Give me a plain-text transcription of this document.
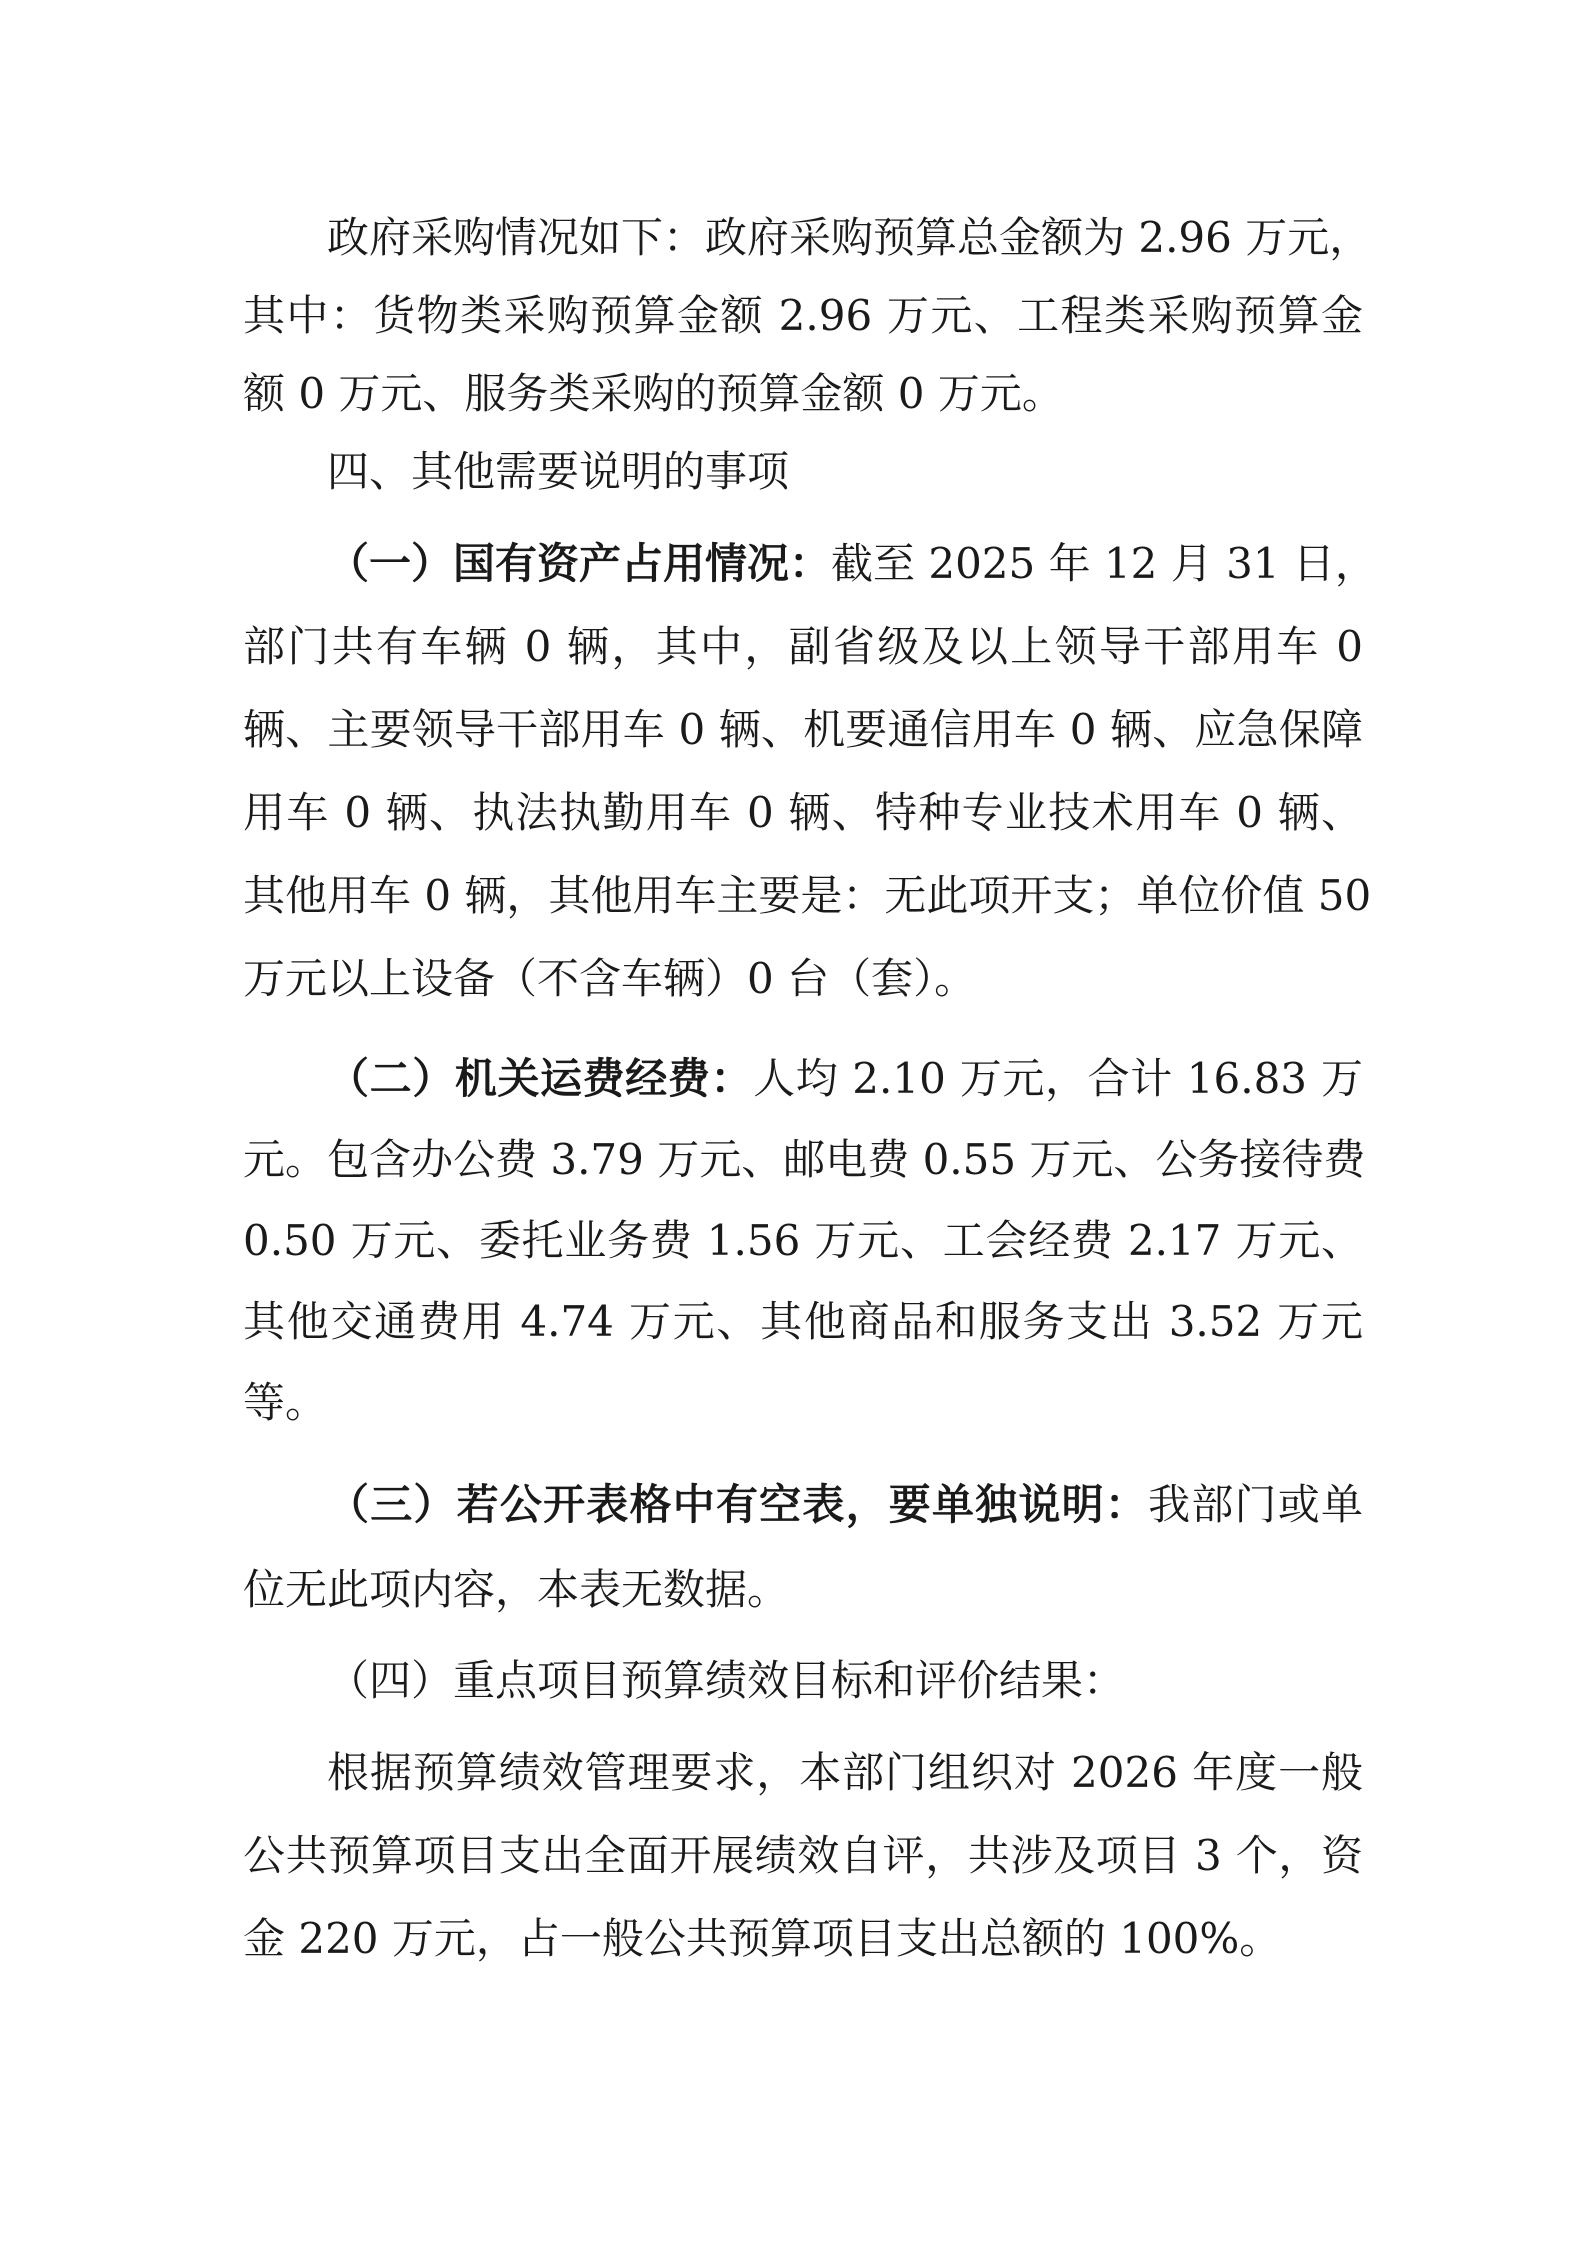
政府采购情况如下：政府采购预算总金额为 2.96 万元，
其中：货物类采购预算金额 2.96 万元、工程类采购预算金
额 0 万元、服务类采购的预算金额 0 万元。
四、其他需要说明的事项
（一）国有资产占用情况：截至 2025 年 12 月 31 日，
部门共有车辆 0 辆，其中，副省级及以上领导干部用车 0
辆、主要领导干部用车 0 辆、机要通信用车 0 辆、应急保障
用车 0 辆、执法执勤用车 0 辆、特种专业技术用车 0 辆、
其他用车 0 辆，其他用车主要是：无此项开支；单位价值 50
万元以上设备（不含车辆）0 台（套）。
（二）机关运费经费：人均 2.10 万元，合计 16.83 万
元。包含办公费 3.79 万元、邮电费 0.55 万元、公务接待费
0.50 万元、委托业务费 1.56 万元、工会经费 2.17 万元、
其他交通费用 4.74 万元、其他商品和服务支出 3.52 万元
等。
（三）若公开表格中有空表，要单独说明：我部门或单
位无此项内容，本表无数据。
（四）重点项目预算绩效目标和评价结果：
根据预算绩效管理要求，本部门组织对 2026 年度一般
公共预算项目支出全面开展绩效自评，共涉及项目 3 个，资
金 220 万元，占一般公共预算项目支出总额的 100%。
